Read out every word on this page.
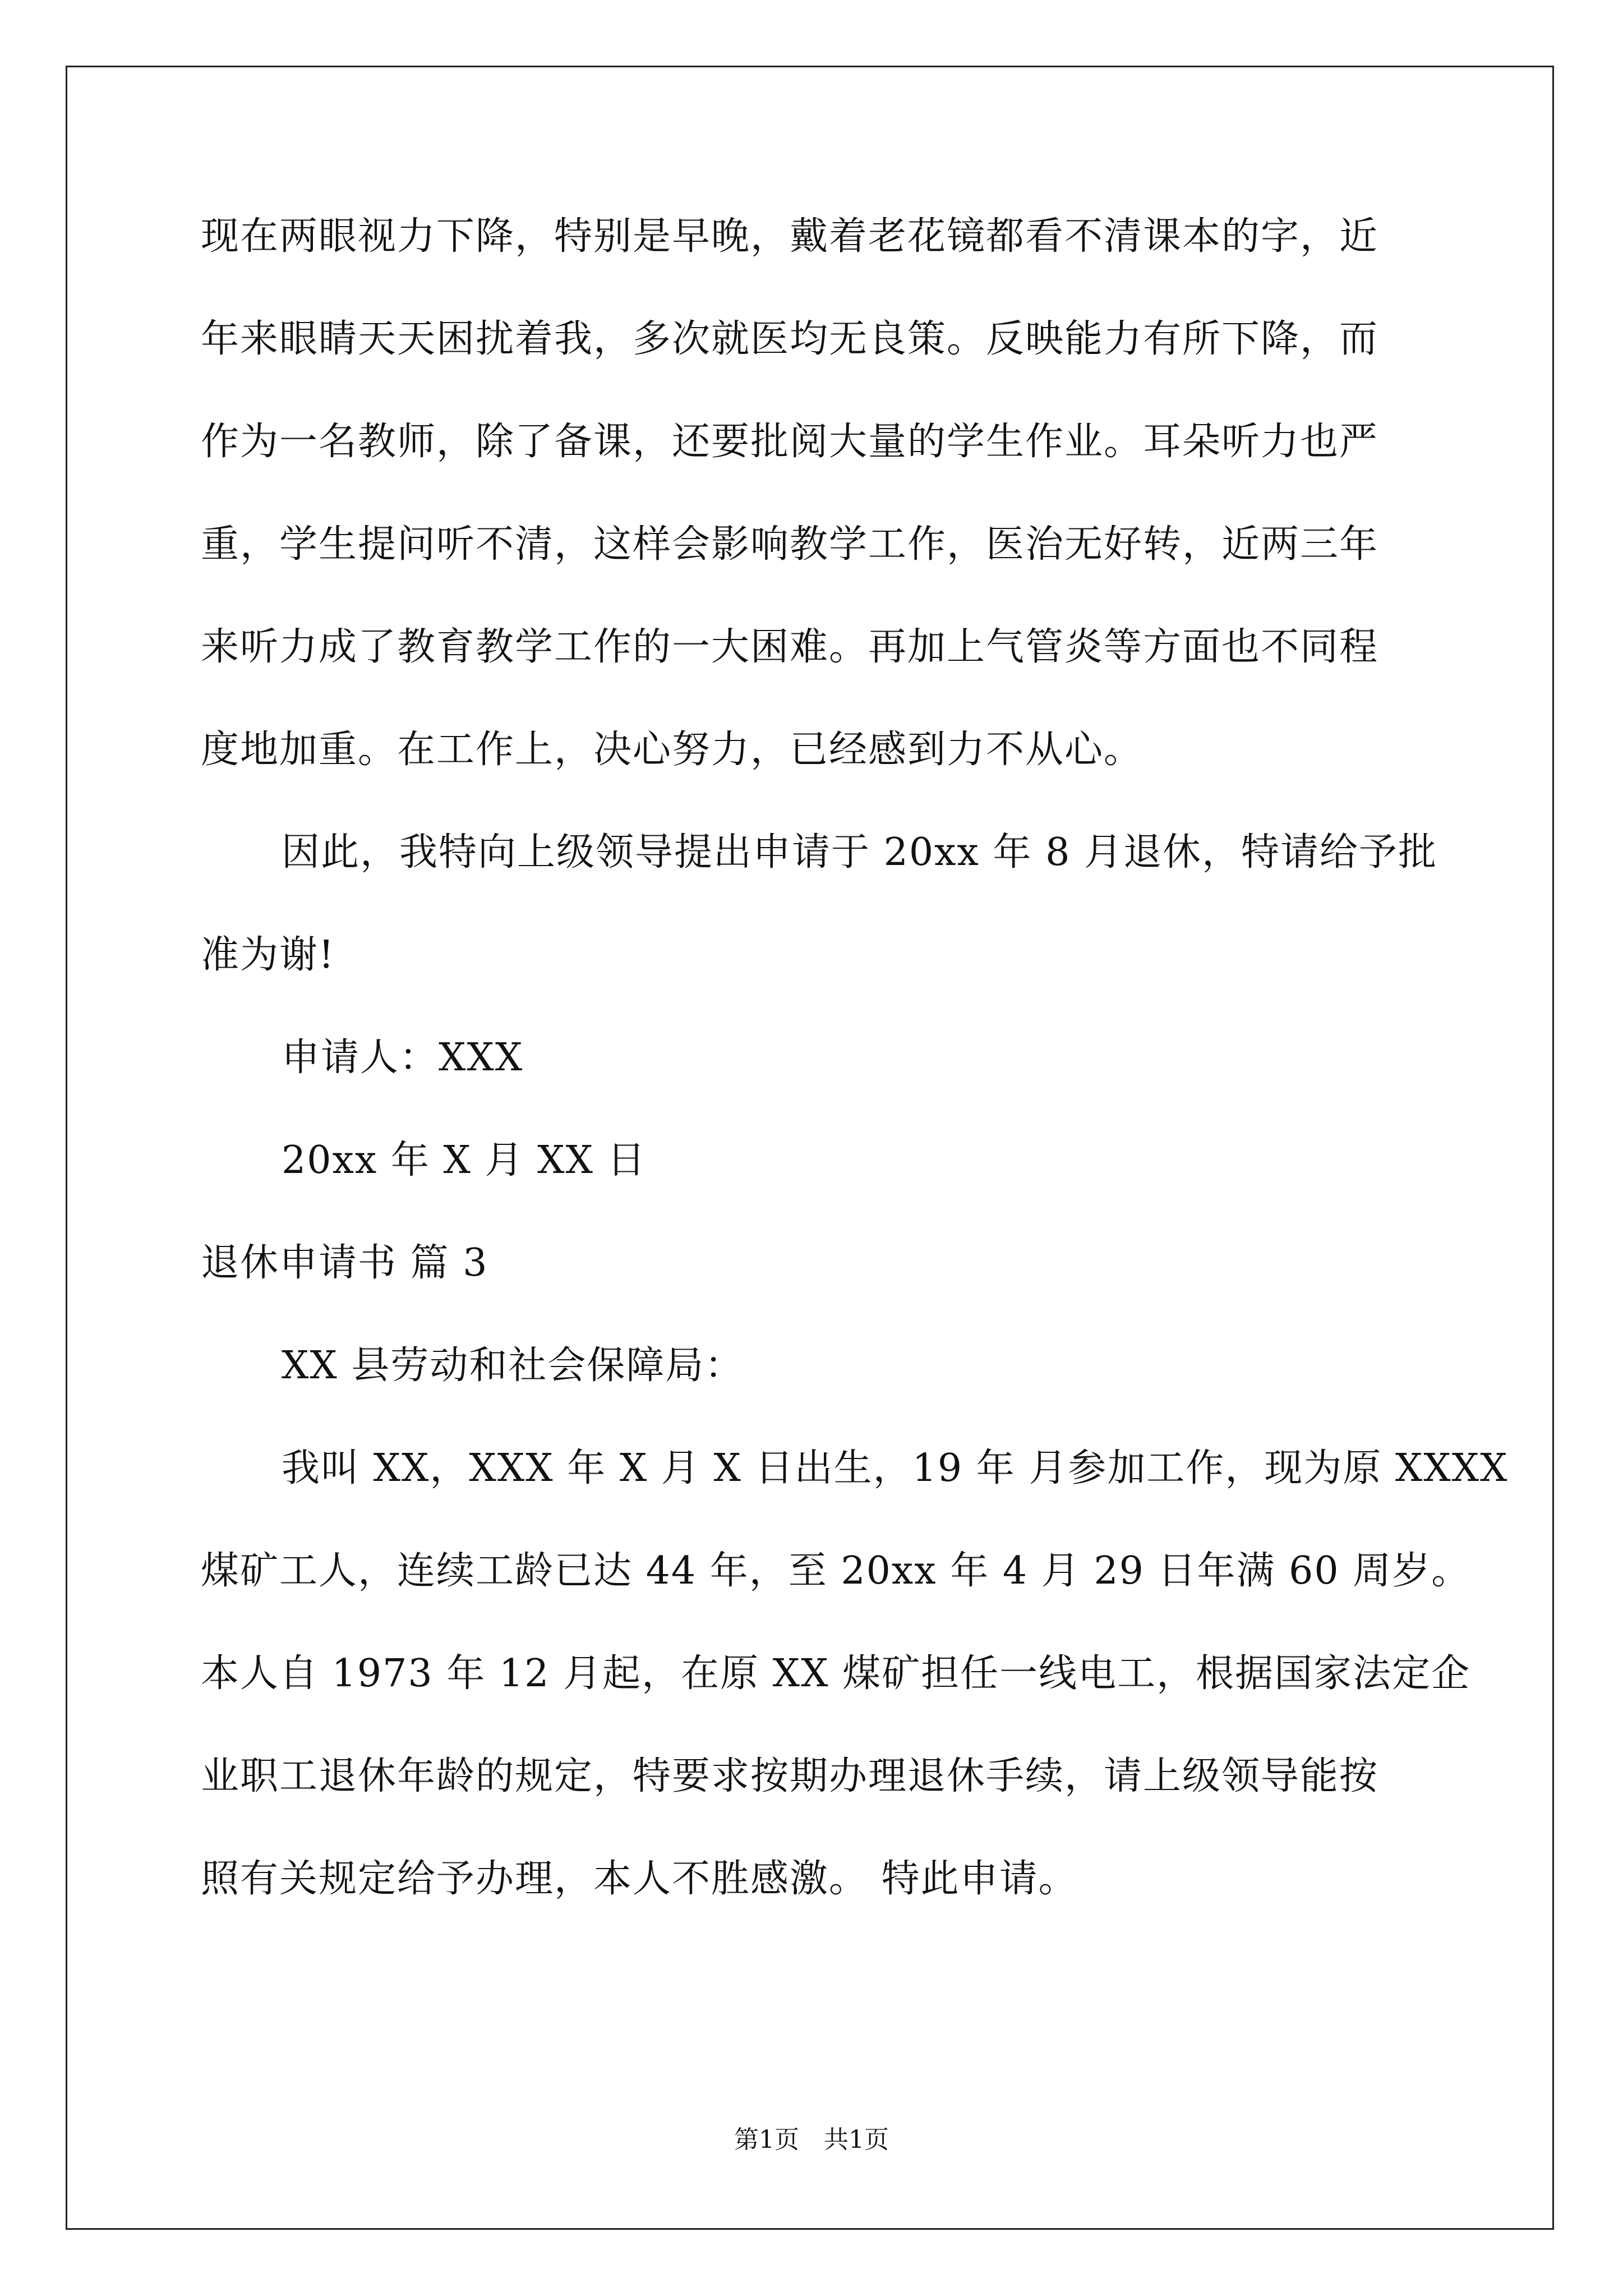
现在两眼视力下降，特别是早晚，戴着老花镜都看不清课本的字，近
年来眼睛天天困扰着我，多次就医均无良策。反映能力有所下降，而
作为一名教师，除了备课，还要批阅大量的学生作业。耳朵听力也严
重，学生提问听不清，这样会影响教学工作，医治无好转，近两三年
来听力成了教育教学工作的一大困难。再加上气管炎等方面也不同程
度地加重。在工作上，决心努力，已经感到力不从心。
因此，我特向上级领导提出申请于 20xx 年 8 月退休，特请给予批
准为谢!
申请人：XXX
20xx 年 X 月 XX 日
退休申请书 篇 3
XX 县劳动和社会保障局：
我叫 XX，XXX 年 X 月 X 日出生，19 年 月参加工作，现为原 XXXX
煤矿工人，连续工龄已达 44 年，至 20xx 年 4 月 29 日年满 60 周岁。
本人自 1973 年 12 月起，在原 XX 煤矿担任一线电工，根据国家法定企
业职工退休年龄的规定，特要求按期办理退休手续，请上级领导能按
照有关规定给予办理，本人不胜感激。 特此申请。
第1页　共1页
